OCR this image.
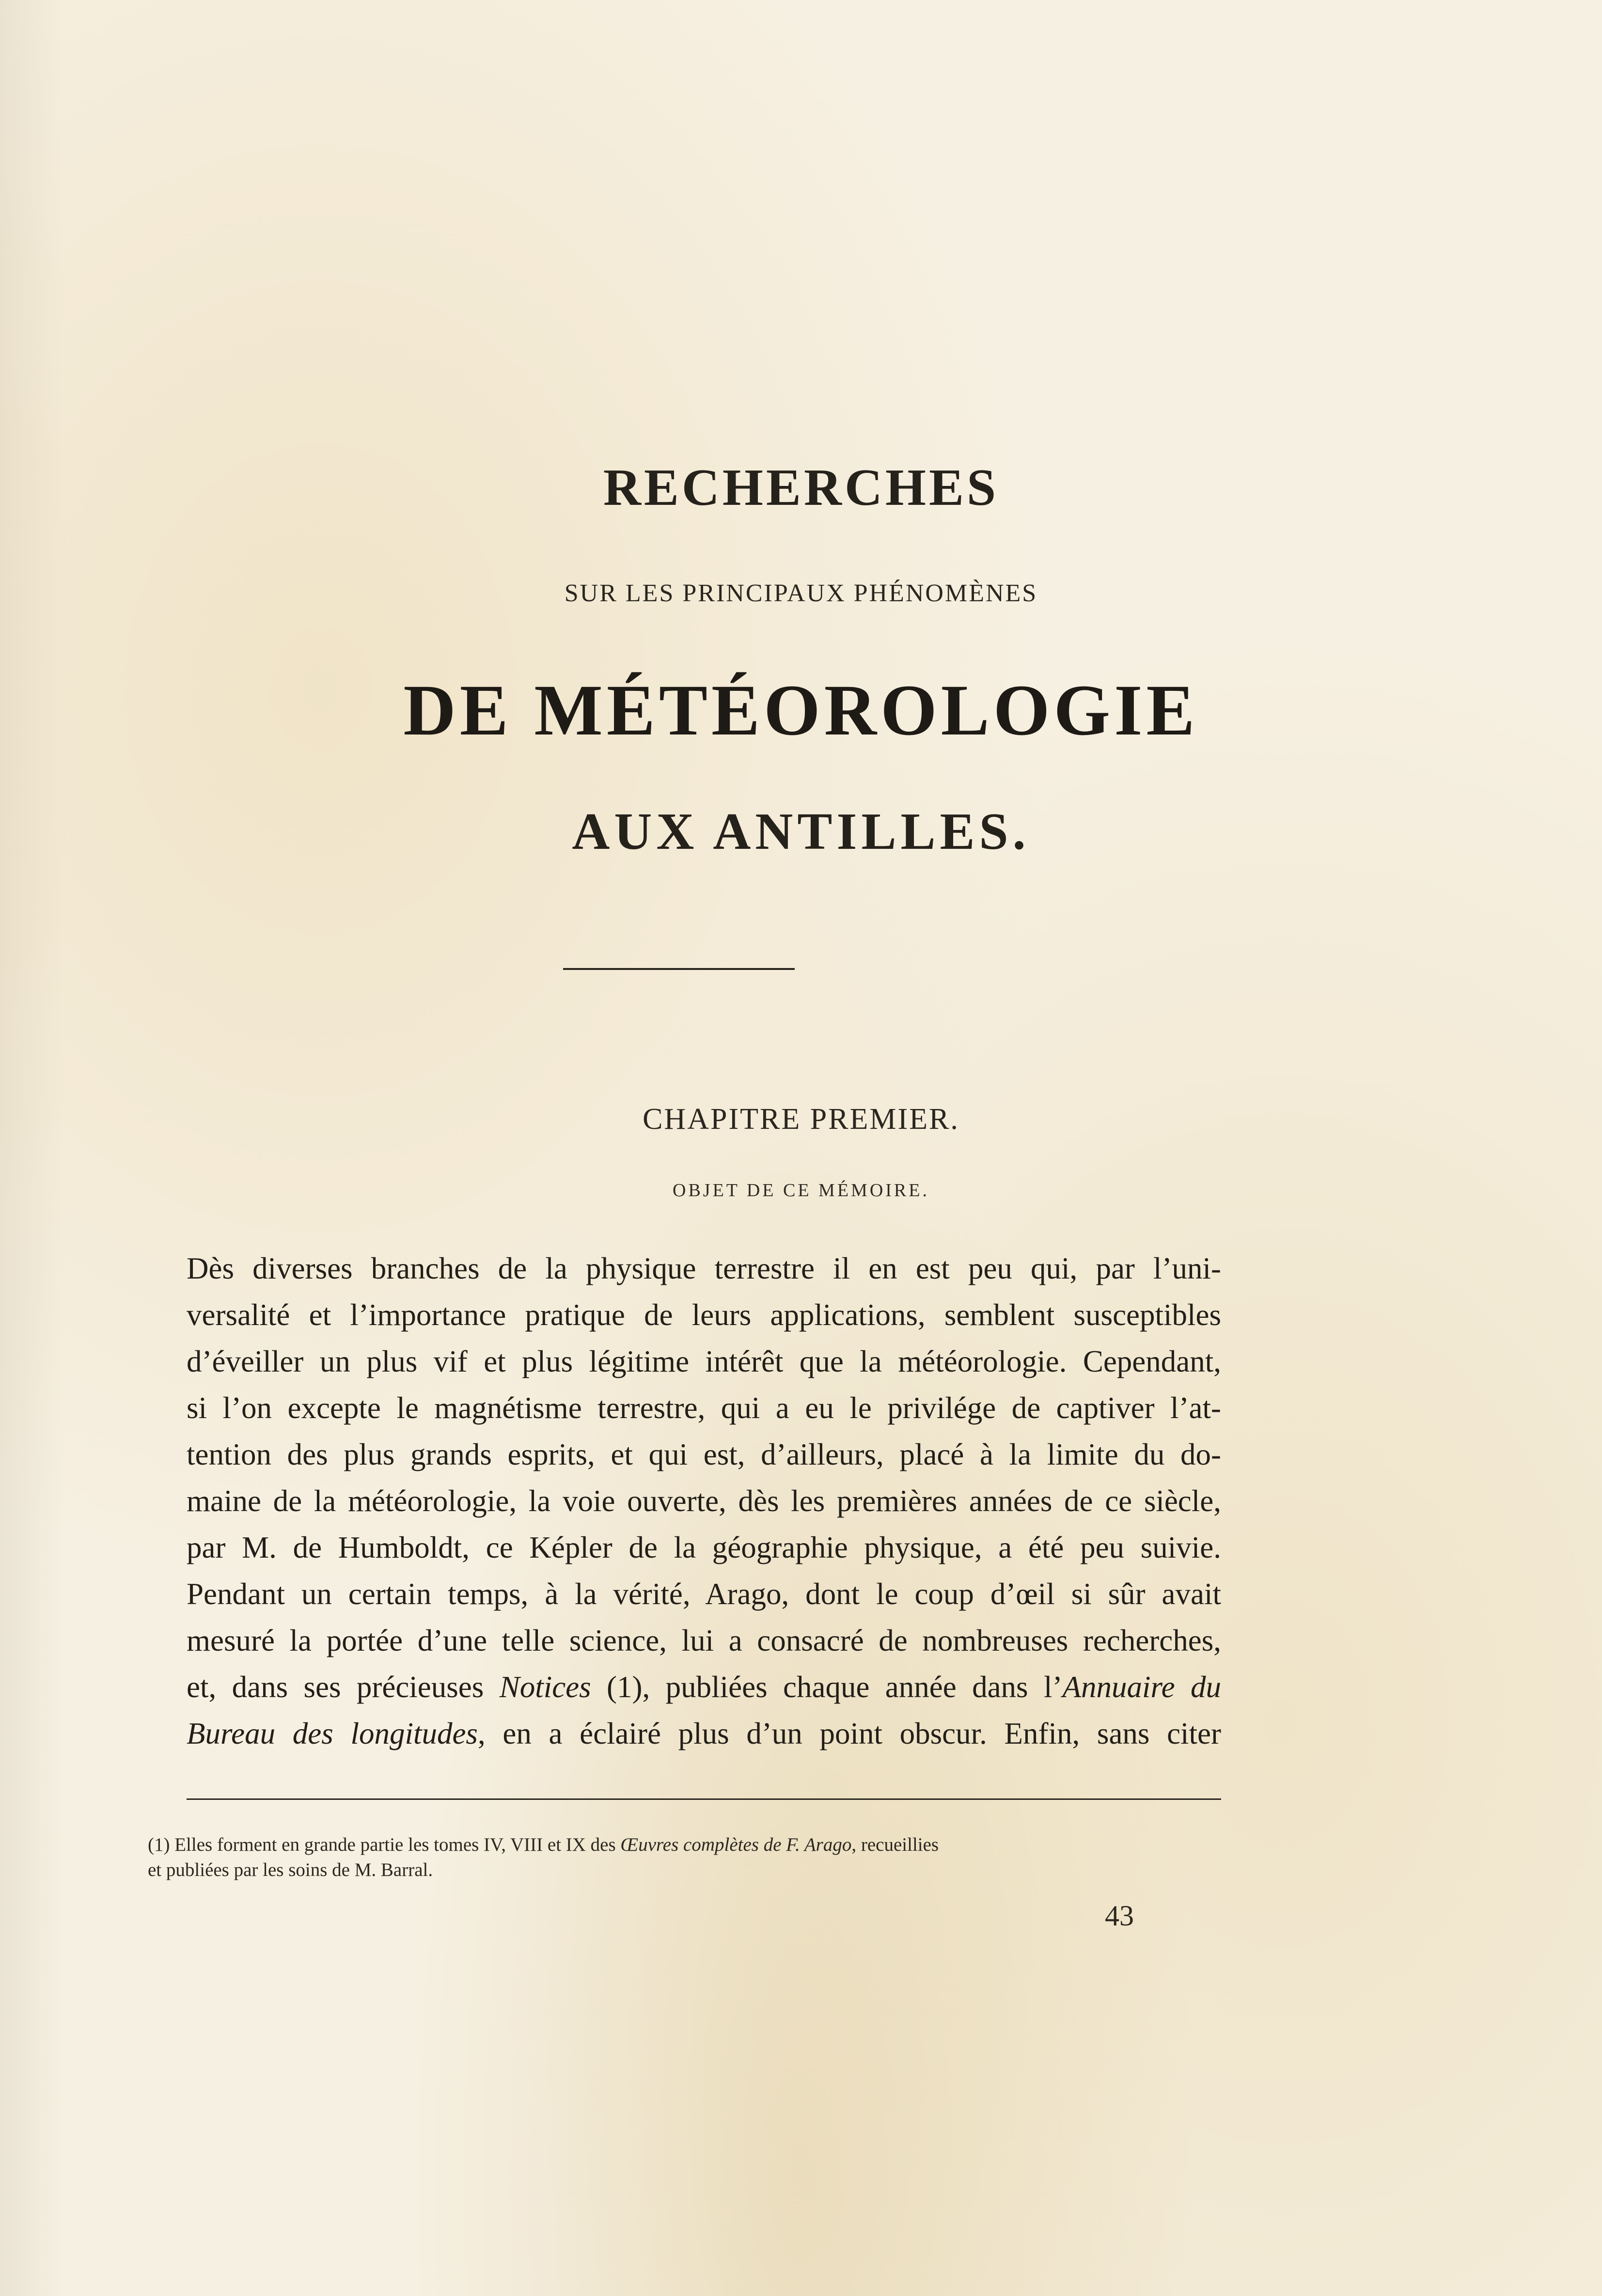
RECHERCHES
SUR LES PRINCIPAUX PHÉNOMÈNES
DE MÉTÉOROLOGIE
AUX ANTILLES.
CHAPITRE PREMIER.
OBJET DE CE MÉMOIRE.
Dès diverses branches de la physique terrestre il en est peu qui, par l’uni-
versalité et l’importance pratique de leurs applications, semblent susceptibles
d’éveiller un plus vif et plus légitime intérêt que la météorologie. Cependant,
si l’on excepte le magnétisme terrestre, qui a eu le privilége de captiver l’at-
tention des plus grands esprits, et qui est, d’ailleurs, placé à la limite du do-
maine de la météorologie, la voie ouverte, dès les premières années de ce siècle,
par M. de Humboldt, ce Képler de la géographie physique, a été peu suivie.
Pendant un certain temps, à la vérité, Arago, dont le coup d’œil si sûr avait
mesuré la portée d’une telle science, lui a consacré de nombreuses recherches,
et, dans ses précieuses Notices (1), publiées chaque année dans l’Annuaire du
Bureau des longitudes, en a éclairé plus d’un point obscur. Enfin, sans citer
(1) Elles forment en grande partie les tomes IV, VIII et IX des Œuvres complètes de F. Arago, recueillies
et publiées par les soins de M. Barral.
43
